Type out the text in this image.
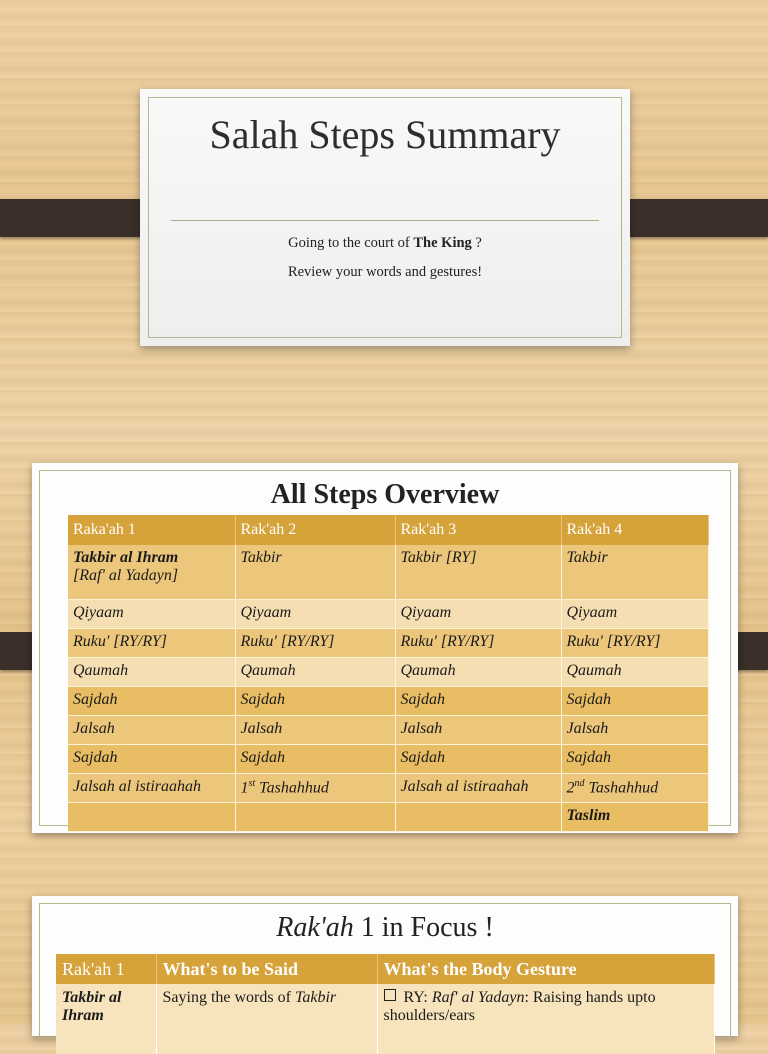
Salah Steps Summary
Going to the court of The King ?
Review your words and gestures!
All Steps Overview
Raka'ah 1	Rak'ah 2	Rak'ah 3	Rak'ah 4
Takbir al Ihram
[Raf' al Yadayn]	Takbir	Takbir [RY]	Takbir
Qiyaam	Qiyaam	Qiyaam	Qiyaam
Ruku' [RY/RY]	Ruku' [RY/RY]	Ruku' [RY/RY]	Ruku' [RY/RY]
Qaumah	Qaumah	Qaumah	Qaumah
Sajdah	Sajdah	Sajdah	Sajdah
Jalsah	Jalsah	Jalsah	Jalsah
Sajdah	Sajdah	Sajdah	Sajdah
Jalsah al istiraahah	1st Tashahhud	Jalsah al istiraahah	2nd Tashahhud
			Taslim
Rak'ah 1 in Focus !
Rak'ah 1	What's to be Said	What's the Body Gesture
Takbir al Ihram	Saying the words of Takbir	RY: Raf' al Yadayn: Raising hands upto shoulders/ears
